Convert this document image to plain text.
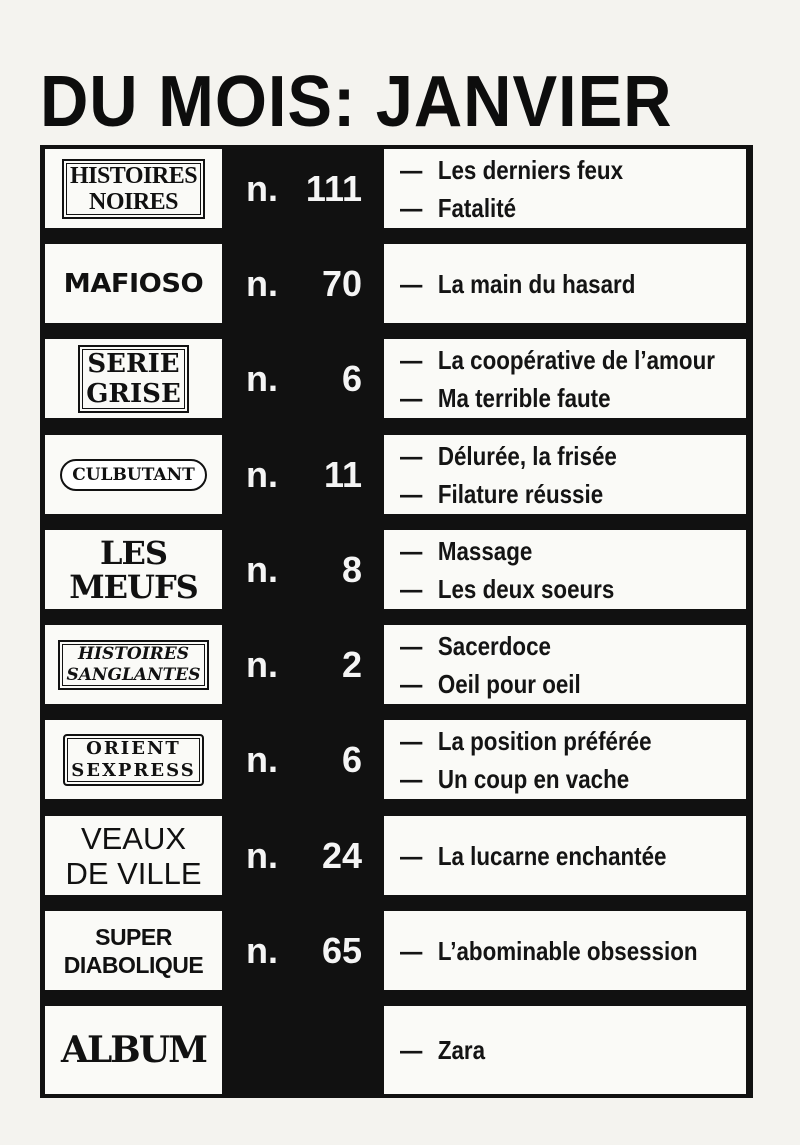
DU MOIS: JANVIER
HISTOIRES
NOIRES	n. 111 — Les derniers feux
— Fatalité
MAFIOSO n. 70 — La main du hasard
SERIE
GRISE n. 6 — La coopérative de l’amour
— Ma terrible faute
CULBUTANT	n. 11 — Délurée, la frisée
— Filature réussie
LES
MEUFS n. 8 — Massage
— Les deux soeurs
HISTOIRES
SANGLANTES n. 2 — Sacerdoce
— Oeil pour oeil
ORIENT
SEXPRESS n. 6 — La position préférée
— Un coup en vache
VEAUX
DE VILLE n. 24 — La lucarne enchantée
SUPER
DIABOLIQUE n. 65 — L’abominable obsession
ALBUM	— Zara
